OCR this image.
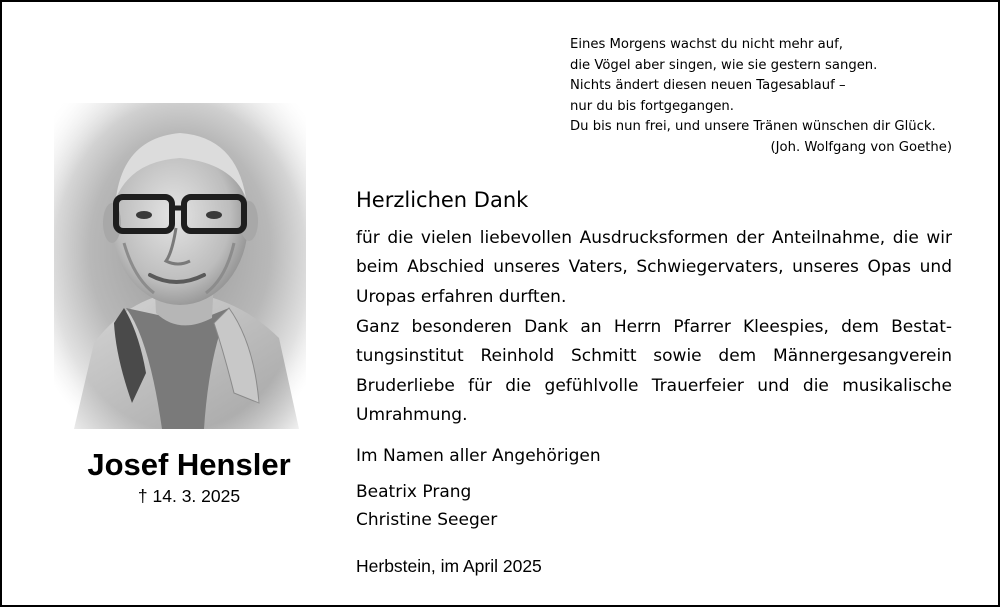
Eines Morgens wachst du nicht mehr auf,
die Vögel aber singen, wie sie gestern sangen.
Nichts ändert diesen neuen Tagesablauf –
nur du bis fortgegangen.
Du bis nun frei, und unsere Tränen wünschen dir Glück.
(Joh. Wolfgang von Goethe)
Josef Hensler
† 14. 3. 2025
Herzlichen Dank
für die vielen liebevollen Ausdrucksformen der Anteilnahme, die wir
beim Abschied unseres Vaters, Schwiegervaters, unseres Opas und
Uropas erfahren durften.
Ganz besonderen Dank an Herrn Pfarrer Kleespies, dem Bestat-
tungsinstitut Reinhold Schmitt sowie dem Männergesangverein
Bruderliebe für die gefühlvolle Trauerfeier und die musikalische
Umrahmung.
Im Namen aller Angehörigen
Beatrix Prang
Christine Seeger
Herbstein, im April 2025
